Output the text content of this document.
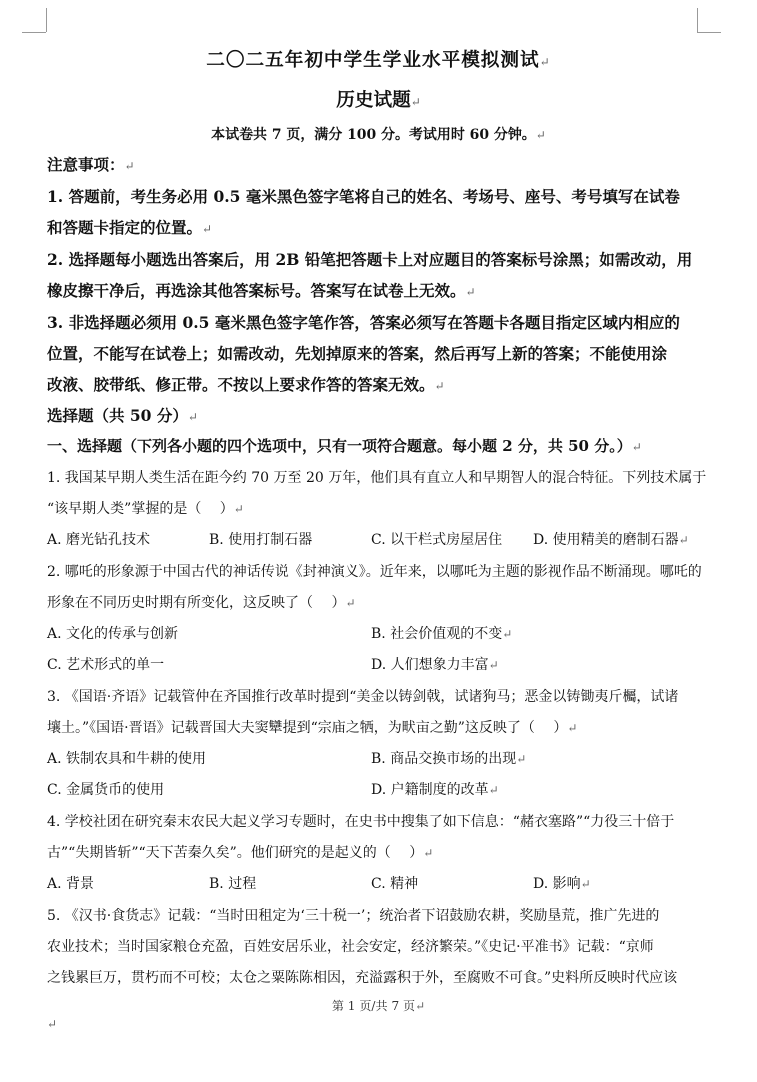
二〇二五年初中学生学业水平模拟测试↵
历史试题↵
本试卷共 7 页，满分 100 分。考试用时 60 分钟。↵
注意事项：↵
1. 答题前，考生务必用 0.5 毫米黑色签字笔将自己的姓名、考场号、座号、考号填写在试卷
和答题卡指定的位置。↵
2. 选择题每小题选出答案后，用 2B 铅笔把答题卡上对应题目的答案标号涂黑；如需改动，用
橡皮擦干净后，再选涂其他答案标号。答案写在试卷上无效。↵
3. 非选择题必须用 0.5 毫米黑色签字笔作答，答案必须写在答题卡各题目指定区域内相应的
位置，不能写在试卷上；如需改动，先划掉原来的答案，然后再写上新的答案；不能使用涂
改液、胶带纸、修正带。不按以上要求作答的答案无效。↵
选择题（共 50 分）↵
一、选择题（下列各小题的四个选项中，只有一项符合题意。每小题 2 分，共 50 分。）↵
1. 我国某早期人类生活在距今约 70 万至 20 万年，他们具有直立人和早期智人的混合特征。下列技术属于
“该早期人类”掌握的是（　 ）↵
A. 磨光钻孔技术	B. 使用打制石器	C. 以干栏式房屋居住 D. 使用精美的磨制石器↵
2. 哪吒的形象源于中国古代的神话传说《封神演义》。近年来，以哪吒为主题的影视作品不断涌现。哪吒的
形象在不同历史时期有所变化，这反映了（　 ）↵
A. 文化的传承与创新	B. 社会价值观的不变↵
C. 艺术形式的单一	D. 人们想象力丰富↵
3. 《国语·齐语》记载管仲在齐国推行改革时提到“美金以铸剑戟，试诸狗马；恶金以铸锄夷斤欘，试诸
壤土。”《国语·晋语》记载晋国大夫窦犫提到“宗庙之牺，为畎亩之勤”这反映了（　 ）↵
A. 铁制农具和牛耕的使用	B. 商品交换市场的出现↵
C. 金属货币的使用	D. 户籍制度的改革↵
4. 学校社团在研究秦末农民大起义学习专题时，在史书中搜集了如下信息：“赭衣塞路”“力役三十倍于
古”“失期皆斩”“天下苦秦久矣”。他们研究的是起义的（　 ）↵
A. 背景	B. 过程	C. 精神	D. 影响↵
5. 《汉书·食货志》记载：“当时田租定为‘三十税一’；统治者下诏鼓励农耕，奖励垦荒，推广先进的
农业技术；当时国家粮仓充盈，百姓安居乐业，社会安定，经济繁荣。”《史记·平准书》记载：“京师
之钱累巨万，贯朽而不可校；太仓之粟陈陈相因，充溢露积于外，至腐败不可食。”史料所反映时代应该
第 1 页/共 7 页↵
↵
